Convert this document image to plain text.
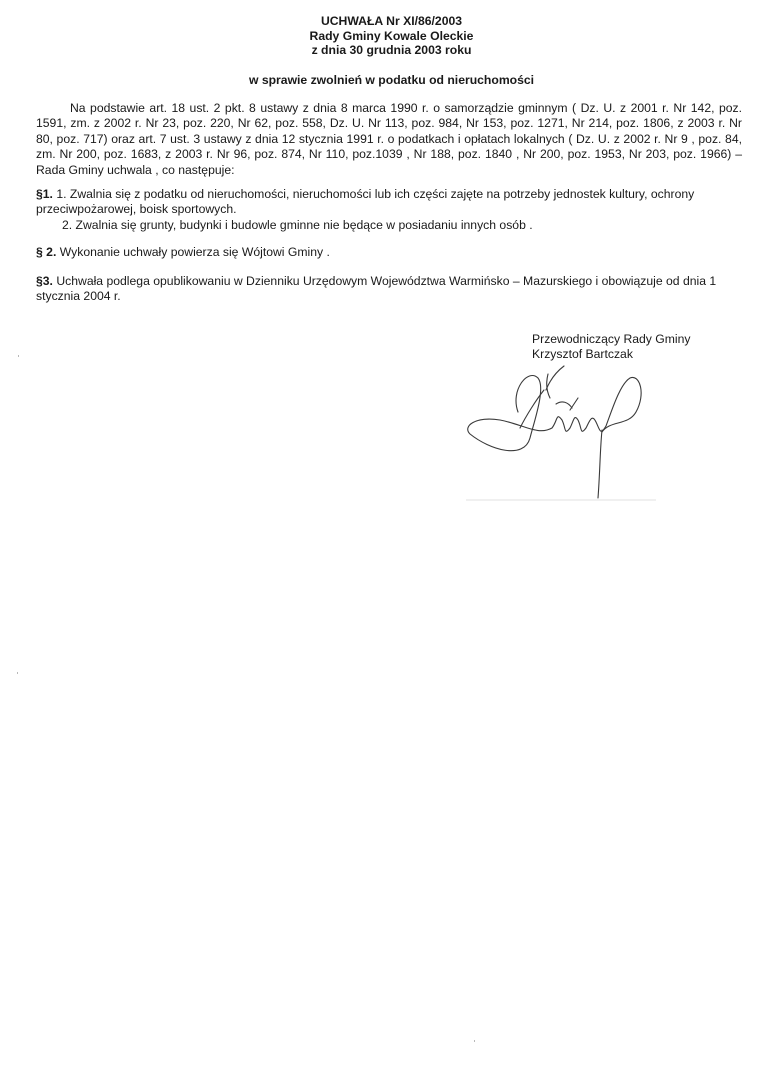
UCHWAŁA Nr XI/86/2003
Rady Gminy Kowale Oleckie
z dnia 30 grudnia 2003 roku
w sprawie zwolnień w podatku od nieruchomości
Na podstawie art. 18 ust. 2 pkt. 8 ustawy z dnia 8 marca 1990 r. o samorządzie gminnym ( Dz. U. z 2001 r. Nr 142, poz. 1591, zm. z 2002 r. Nr 23, poz. 220, Nr 62, poz. 558, Dz. U. Nr 113, poz. 984, Nr 153, poz. 1271, Nr 214, poz. 1806, z 2003 r. Nr 80, poz. 717) oraz art. 7 ust. 3 ustawy z dnia 12 stycznia 1991 r. o podatkach i opłatach lokalnych ( Dz. U. z 2002 r. Nr 9 , poz. 84, zm. Nr 200, poz. 1683, z 2003 r. Nr 96, poz. 874, Nr 110, poz.1039 , Nr 188, poz. 1840 , Nr 200, poz. 1953, Nr 203, poz. 1966) – Rada Gminy uchwala , co następuje:
§1. 1. Zwalnia się z podatku od nieruchomości, nieruchomości lub ich części zajęte na potrzeby jednostek kultury, ochrony przeciwpożarowej, boisk sportowych.
2. Zwalnia się grunty, budynki i budowle gminne nie będące w posiadaniu innych osób .
§ 2. Wykonanie uchwały powierza się Wójtowi Gminy .
§3. Uchwała podlega opublikowaniu w Dzienniku Urzędowym Województwa Warmińsko – Mazurskiego i obowiązuje od dnia 1 stycznia 2004 r.
Przewodniczący Rady Gminy
Krzysztof Bartczak
